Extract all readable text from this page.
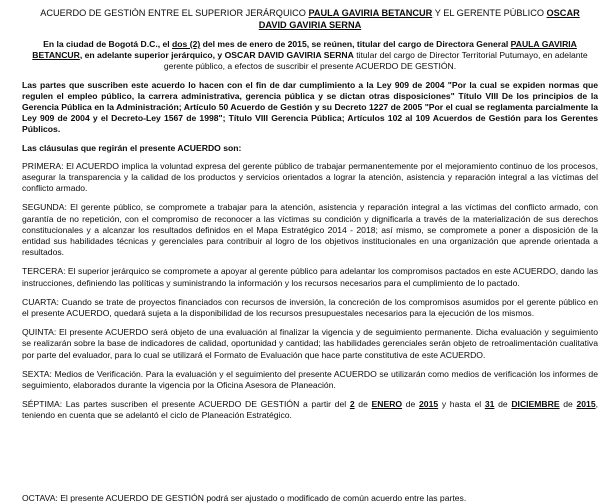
ACUERDO DE GESTIÓN ENTRE EL SUPERIOR JERÁRQUICO PAULA GAVIRIA BETANCUR Y EL GERENTE PÚBLICO OSCAR DAVID GAVIRIA SERNA

En la ciudad de Bogotá D.C., el dos (2) del mes de enero de 2015, se reúnen, titular del cargo de Directora General PAULA GAVIRIA BETANCUR, en adelante superior jerárquico, y OSCAR DAVID GAVIRIA SERNA titular del cargo de Director Territorial Putumayo, en adelante gerente público, a efectos de suscribir el presente ACUERDO DE GESTIÓN.

Las partes que suscriben este acuerdo lo hacen con el fin de dar cumplimiento a la Ley 909 de 2004 "Por la cual se expiden normas que regulen el empleo público, la carrera administrativa, gerencia pública y se dictan otras disposiciones" Título VIII De los principios de la Gerencia Pública en la Administración; Artículo 50 Acuerdo de Gestión y su Decreto 1227 de 2005 "Por el cual se reglamenta parcialmente la Ley 909 de 2004 y el Decreto-Ley 1567 de 1998"; Título VIII Gerencia Pública; Artículos 102 al 109 Acuerdos de Gestión para los Gerentes Públicos.

Las cláusulas que regirán el presente ACUERDO son:

PRIMERA: El ACUERDO implica la voluntad expresa del gerente público de trabajar permanentemente por el mejoramiento continuo de los procesos, asegurar la transparencia y la calidad de los productos y servicios orientados a lograr la atención, asistencia y reparación integral a las víctimas del conflicto armado.

SEGUNDA: El gerente público, se compromete a trabajar para la atención, asistencia y reparación integral a las víctimas del conflicto armado, con garantía de no repetición, con el compromiso de reconocer a las víctimas su condición y dignificarla a través de la materialización de sus derechos constitucionales y a alcanzar los resultados definidos en el Mapa Estratégico 2014 - 2018; así mismo, se compromete a poner a disposición de la entidad sus habilidades técnicas y gerenciales para contribuir al logro de los objetivos institucionales en una organización que aprende orientada a resultados.

TERCERA: El superior jerárquico se compromete a apoyar al gerente público para adelantar los compromisos pactados en este ACUERDO, dando las instrucciones, definiendo las políticas y suministrando la información y los recursos necesarios para el cumplimiento de lo pactado.

CUARTA: Cuando se trate de proyectos financiados con recursos de inversión, la concreción de los compromisos asumidos por el gerente público en el presente ACUERDO, quedará sujeta a la disponibilidad de los recursos presupuestales necesarios para la ejecución de los mismos.

QUINTA: El presente ACUERDO será objeto de una evaluación al finalizar la vigencia y de seguimiento permanente. Dicha evaluación y seguimiento se realizarán sobre la base de indicadores de calidad, oportunidad y cantidad; las habilidades gerenciales serán objeto de retroalimentación cualitativa por parte del evaluador, para lo cual se utilizará el Formato de Evaluación que hace parte constitutiva de este ACUERDO.

SEXTA: Medios de Verificación. Para la evaluación y el seguimiento del presente ACUERDO se utilizarán como medios de verificación los informes de seguimiento, elaborados durante la vigencia por la Oficina Asesora de Planeación.

SÉPTIMA: Las partes suscriben el presente ACUERDO DE GESTIÓN a partir del 2 de ENERO de 2015 y hasta el 31 de DICIEMBRE de 2015, teniendo en cuenta que se adelantó el ciclo de Planeación Estratégico.

OCTAVA: El presente ACUERDO DE GESTIÓN podrá ser ajustado o modificado de común acuerdo entre las partes.
